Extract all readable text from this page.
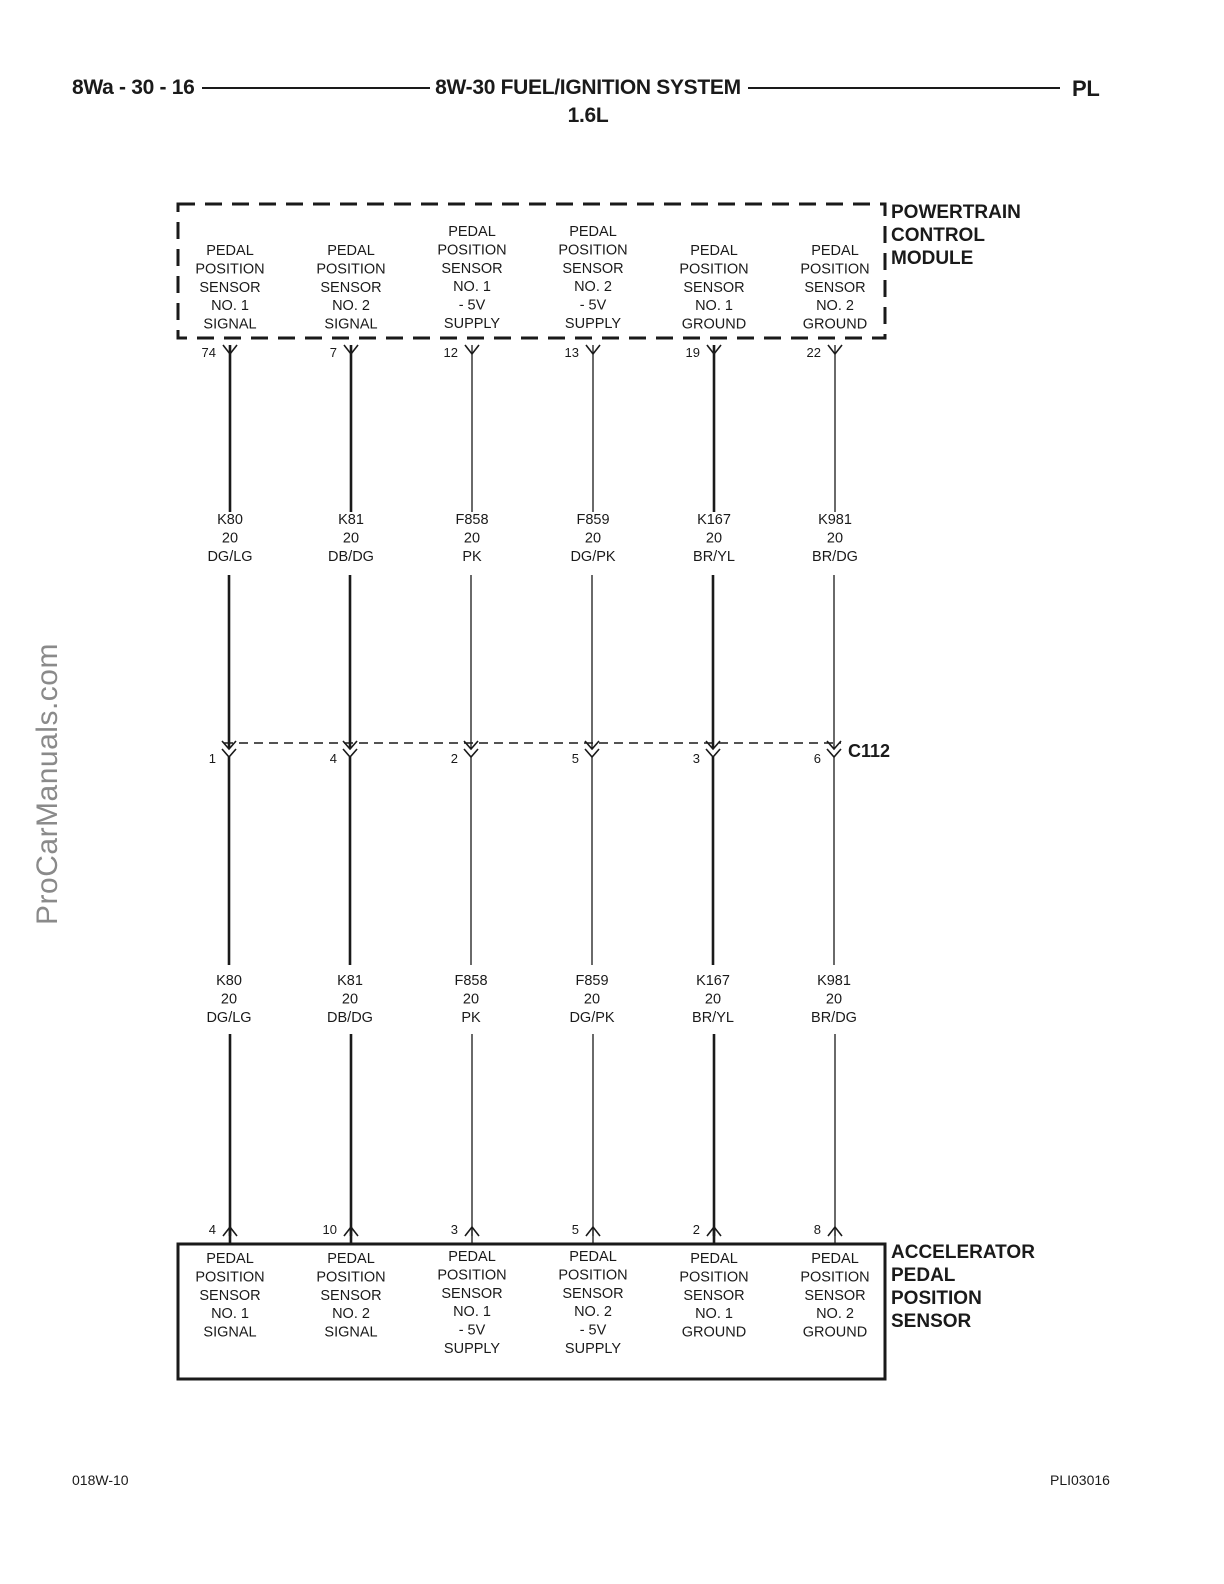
8Wa - 30 - 16	8W-30 FUEL/IGNITION SYSTEM	PL
1.6L
POWERTRAIN
CONTROL
MODULE
ACCELERATOR
PEDAL
POSITION
SENSOR
C112
PEDAL
POSITION
SENSOR
NO. 1
SIGNAL
PEDAL
POSITION
SENSOR
NO. 1
SIGNAL
74
1
4
K80
K80
20
20
DG/LG
DG/LG
PEDAL
POSITION
SENSOR
NO. 2
SIGNAL
PEDAL
POSITION
SENSOR
NO. 2
SIGNAL
7
4
10
K81
K81
20
20
DB/DG
DB/DG
PEDAL
POSITION
SENSOR
NO. 1
- 5V
SUPPLY
PEDAL
POSITION
SENSOR
NO. 1
- 5V
SUPPLY
12
2
3
F858
F858
20
20
PK
PK
PEDAL
POSITION
SENSOR
NO. 2
- 5V
SUPPLY
PEDAL
POSITION
SENSOR
NO. 2
- 5V
SUPPLY
13
5
5
F859
F859
20
20
DG/PK
DG/PK
PEDAL
POSITION
SENSOR
NO. 1
GROUND
PEDAL
POSITION
SENSOR
NO. 1
GROUND
19
3
2
K167
K167
20
20
BR/YL
BR/YL
PEDAL
POSITION
SENSOR
NO. 2
GROUND
PEDAL
POSITION
SENSOR
NO. 2
GROUND
22
6
8
K981
K981
20
20
BR/DG
BR/DG
018W-10	PLI03016
ProCarManuals.com
